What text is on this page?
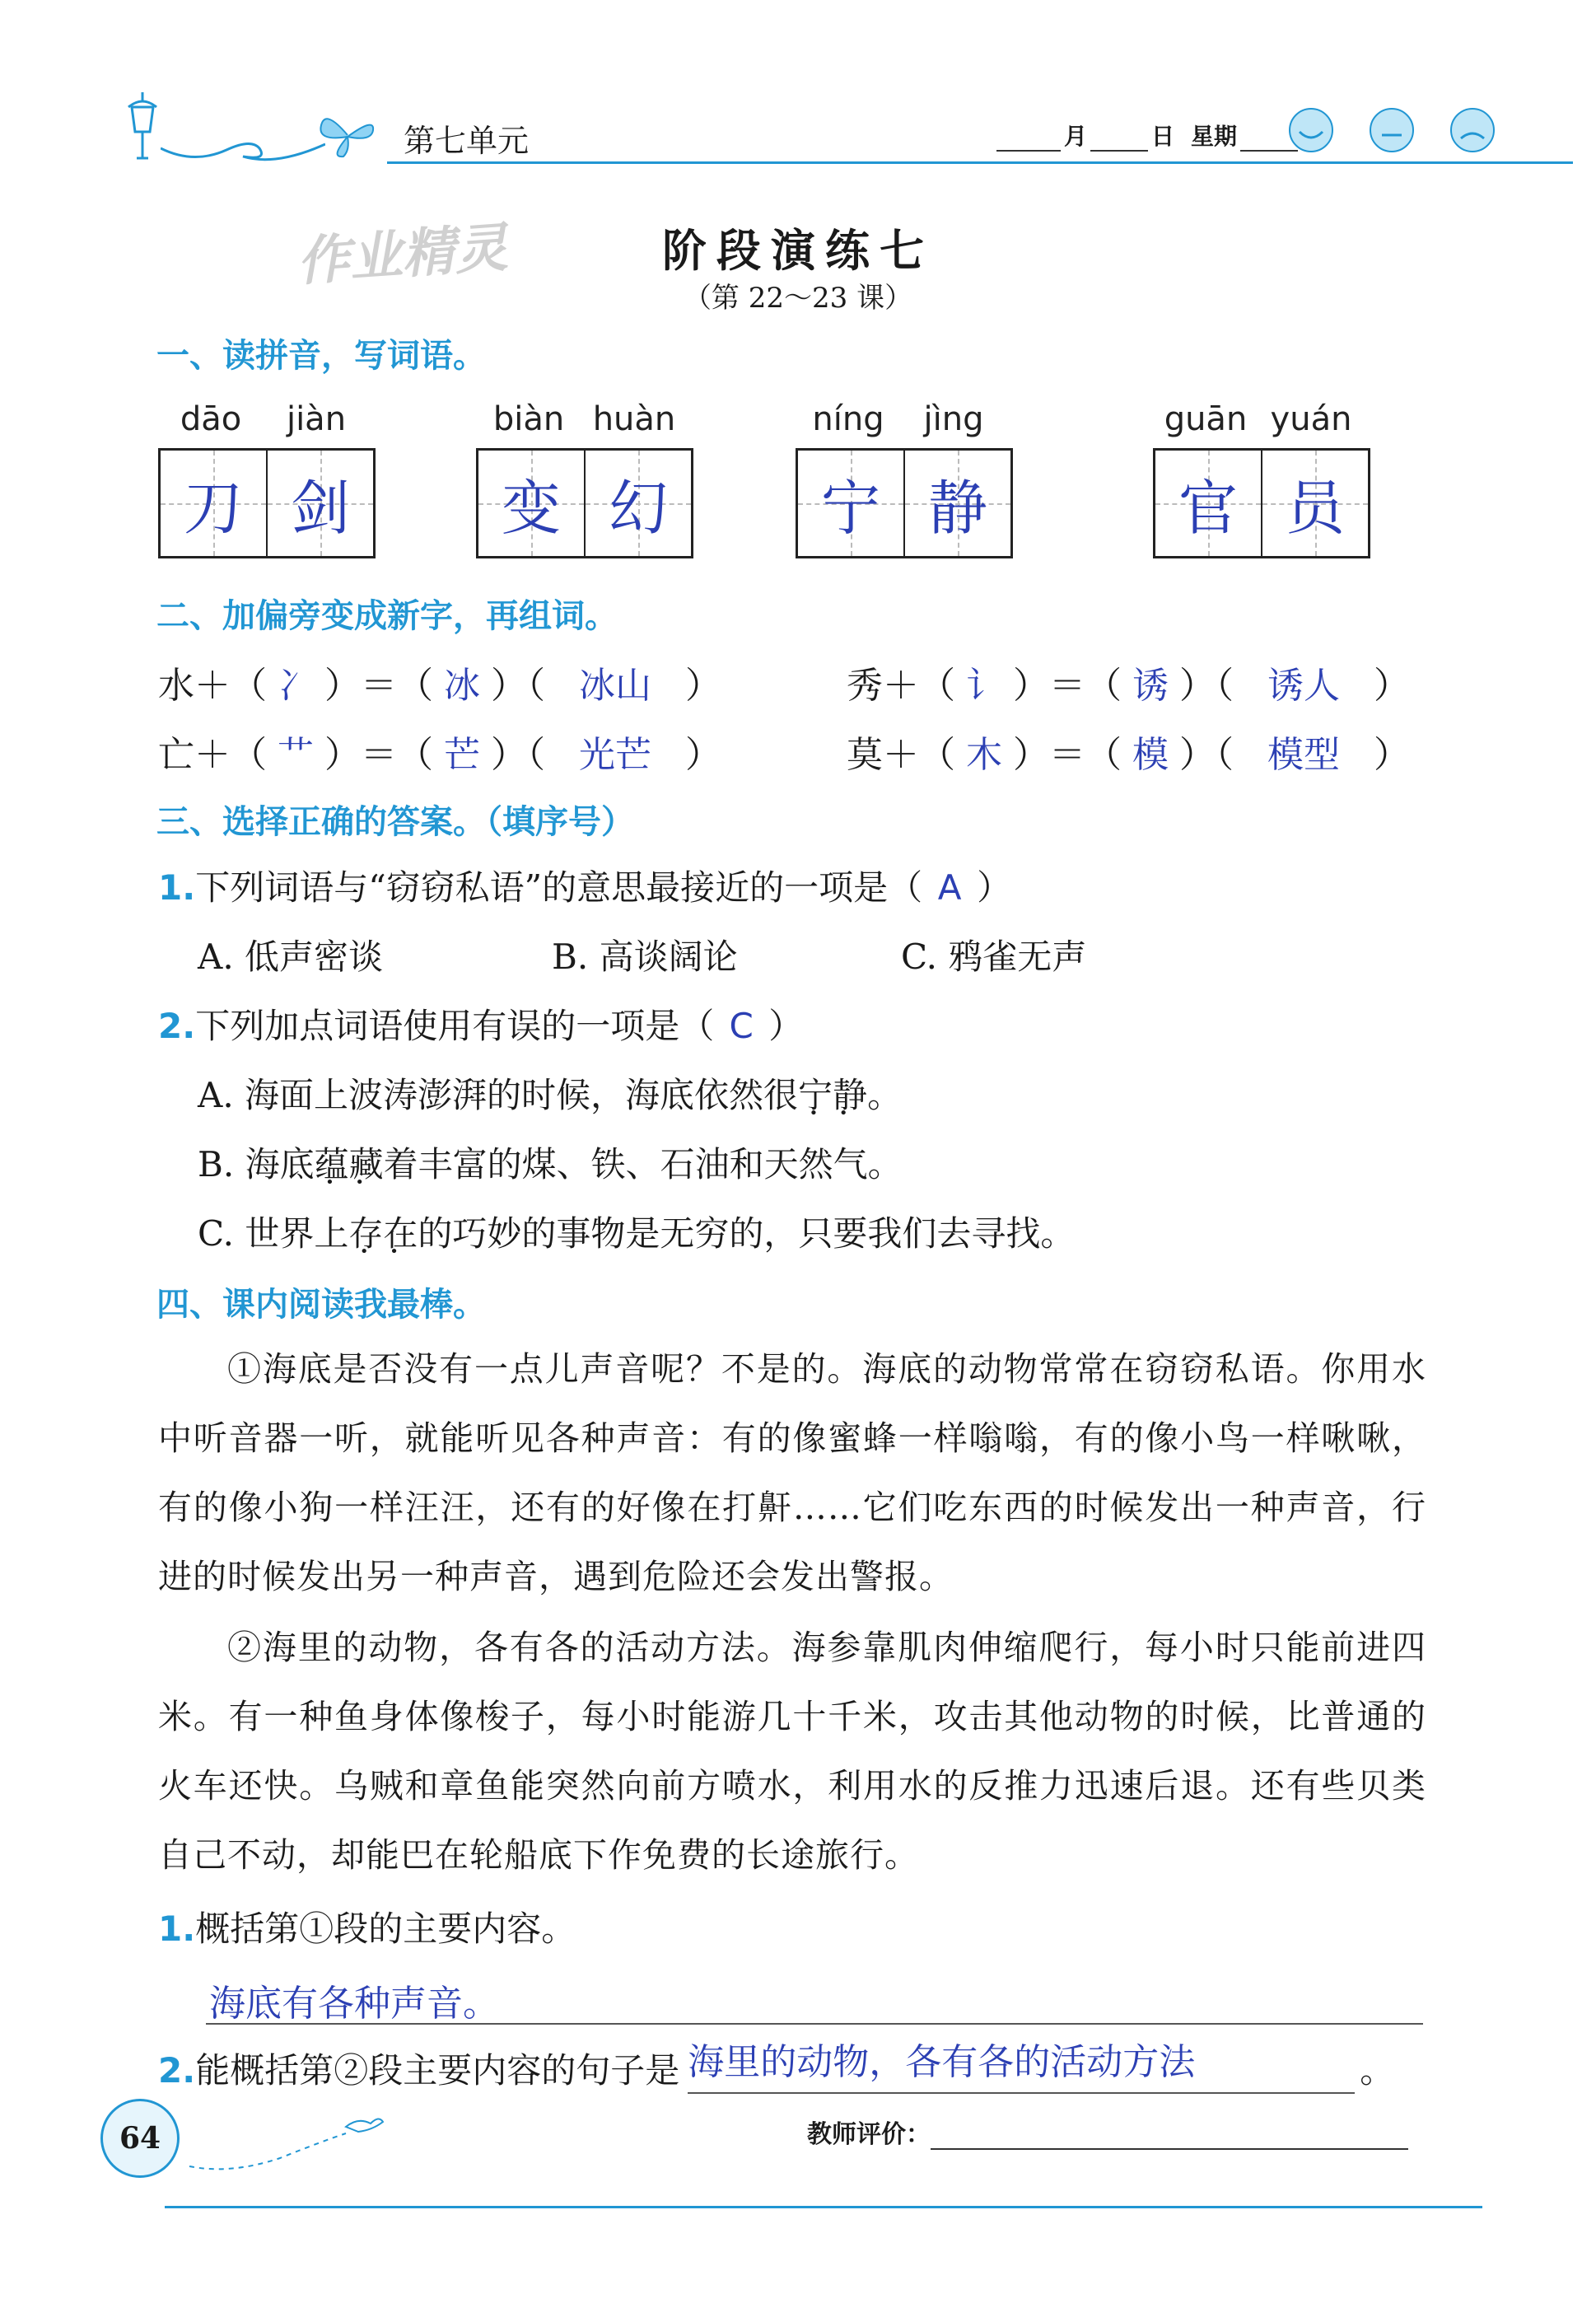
第七单元	月	日 星期
作业精灵	阶段演练七
（第 22～23 课）
一、读拼音，写词语。
dāo	jiàn
刀 剑
biàn huàn
变 幻
níng	jìng
宁 静
guān yuán
官 员
二、加偏旁变成新字，再组词。
水＋（ 冫 ）＝（ 冰 ）（ 冰山 ）	秀＋（ 讠 ）＝（ 诱 ）（ 诱人 ）
亡＋（ 艹 ）＝（ 芒 ）（ 光芒 ）	莫＋（ 木 ）＝（ 模 ）（ 模型 ）
三、选择正确的答案。（填序号）
1.下列词语与“窃窃私语”的意思最接近的一项是（ A ）
A. 低声密谈	B. 高谈阔论	C. 鸦雀无声
2.下列加点词语使用有误的一项是（ C ）
A. 海面上波涛澎湃的时候，海底依然很宁静 • •。
B. 海底蕴藏 • •着丰富的煤、铁、石油和天然气。
C. 世界上存在 • •的巧妙的事物是无穷的，只要我们去寻找。
四、课内阅读我最棒。
①海底是否没有一点儿声音呢？不是的。海底的动物常常在窃窃私语。你用水中听音器一听，就能听见各种声音：有的像蜜蜂一样嗡嗡，有的像小鸟一样啾啾，有的像小狗一样汪汪，还有的好像在打鼾……它们吃东西的时候发出一种声音，行进的时候发出另一种声音，遇到危险还会发出警报。
②海里的动物，各有各的活动方法。海参靠肌肉伸缩爬行，每小时只能前进四米。有一种鱼身体像梭子，每小时能游几十千米，攻击其他动物的时候，比普通的火车还快。乌贼和章鱼能突然向前方喷水，利用水的反推力迅速后退。还有些贝类自己不动，却能巴在轮船底下作免费的长途旅行。
1.概括第①段的主要内容。
海底有各种声音。
2. 能概括第②段主要内容的句子是 海里的动物，各有各的活动方法	。
64	教师评价：
